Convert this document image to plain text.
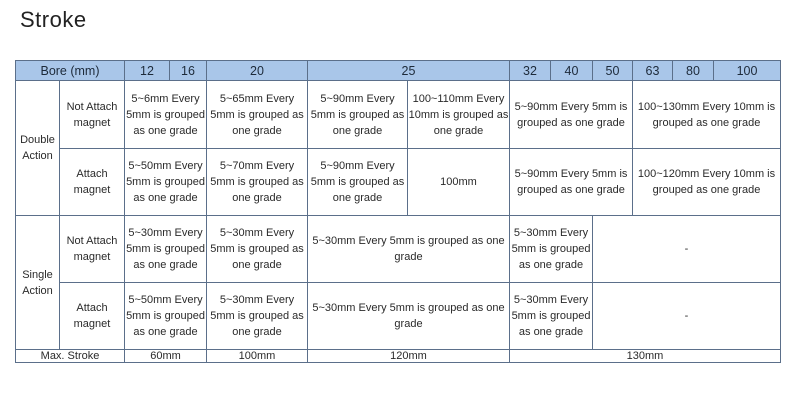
Stroke
Bore (mm)		12	16	20	25		32	40	50	63	80	100
Double Action	Not Attach magnet	5~6mm Every 5mm is grouped as one grade		5~65mm Every 5mm is grouped as one grade	5~90mm Every 5mm is grouped as one grade	100~110mm Every 10mm is grouped as one grade	5~90mm Every 5mm is grouped as one grade			100~130mm Every 10mm is grouped as one grade		
	Attach magnet	5~50mm Every 5mm is grouped as one grade		5~70mm Every 5mm is grouped as one grade	5~90mm Every 5mm is grouped as one grade	100mm	5~90mm Every 5mm is grouped as one grade			100~120mm Every 10mm is grouped as one grade		
Single Action	Not Attach magnet	5~30mm Every 5mm is grouped as one grade		5~30mm Every 5mm is grouped as one grade	5~30mm Every 5mm is grouped as one grade		5~30mm Every 5mm is grouped as one grade		-			
	Attach magnet	5~50mm Every 5mm is grouped as one grade		5~30mm Every 5mm is grouped as one grade	5~30mm Every 5mm is grouped as one grade		5~30mm Every 5mm is grouped as one grade		-			
Max. Stroke		60mm		100mm	120mm		130mm					
